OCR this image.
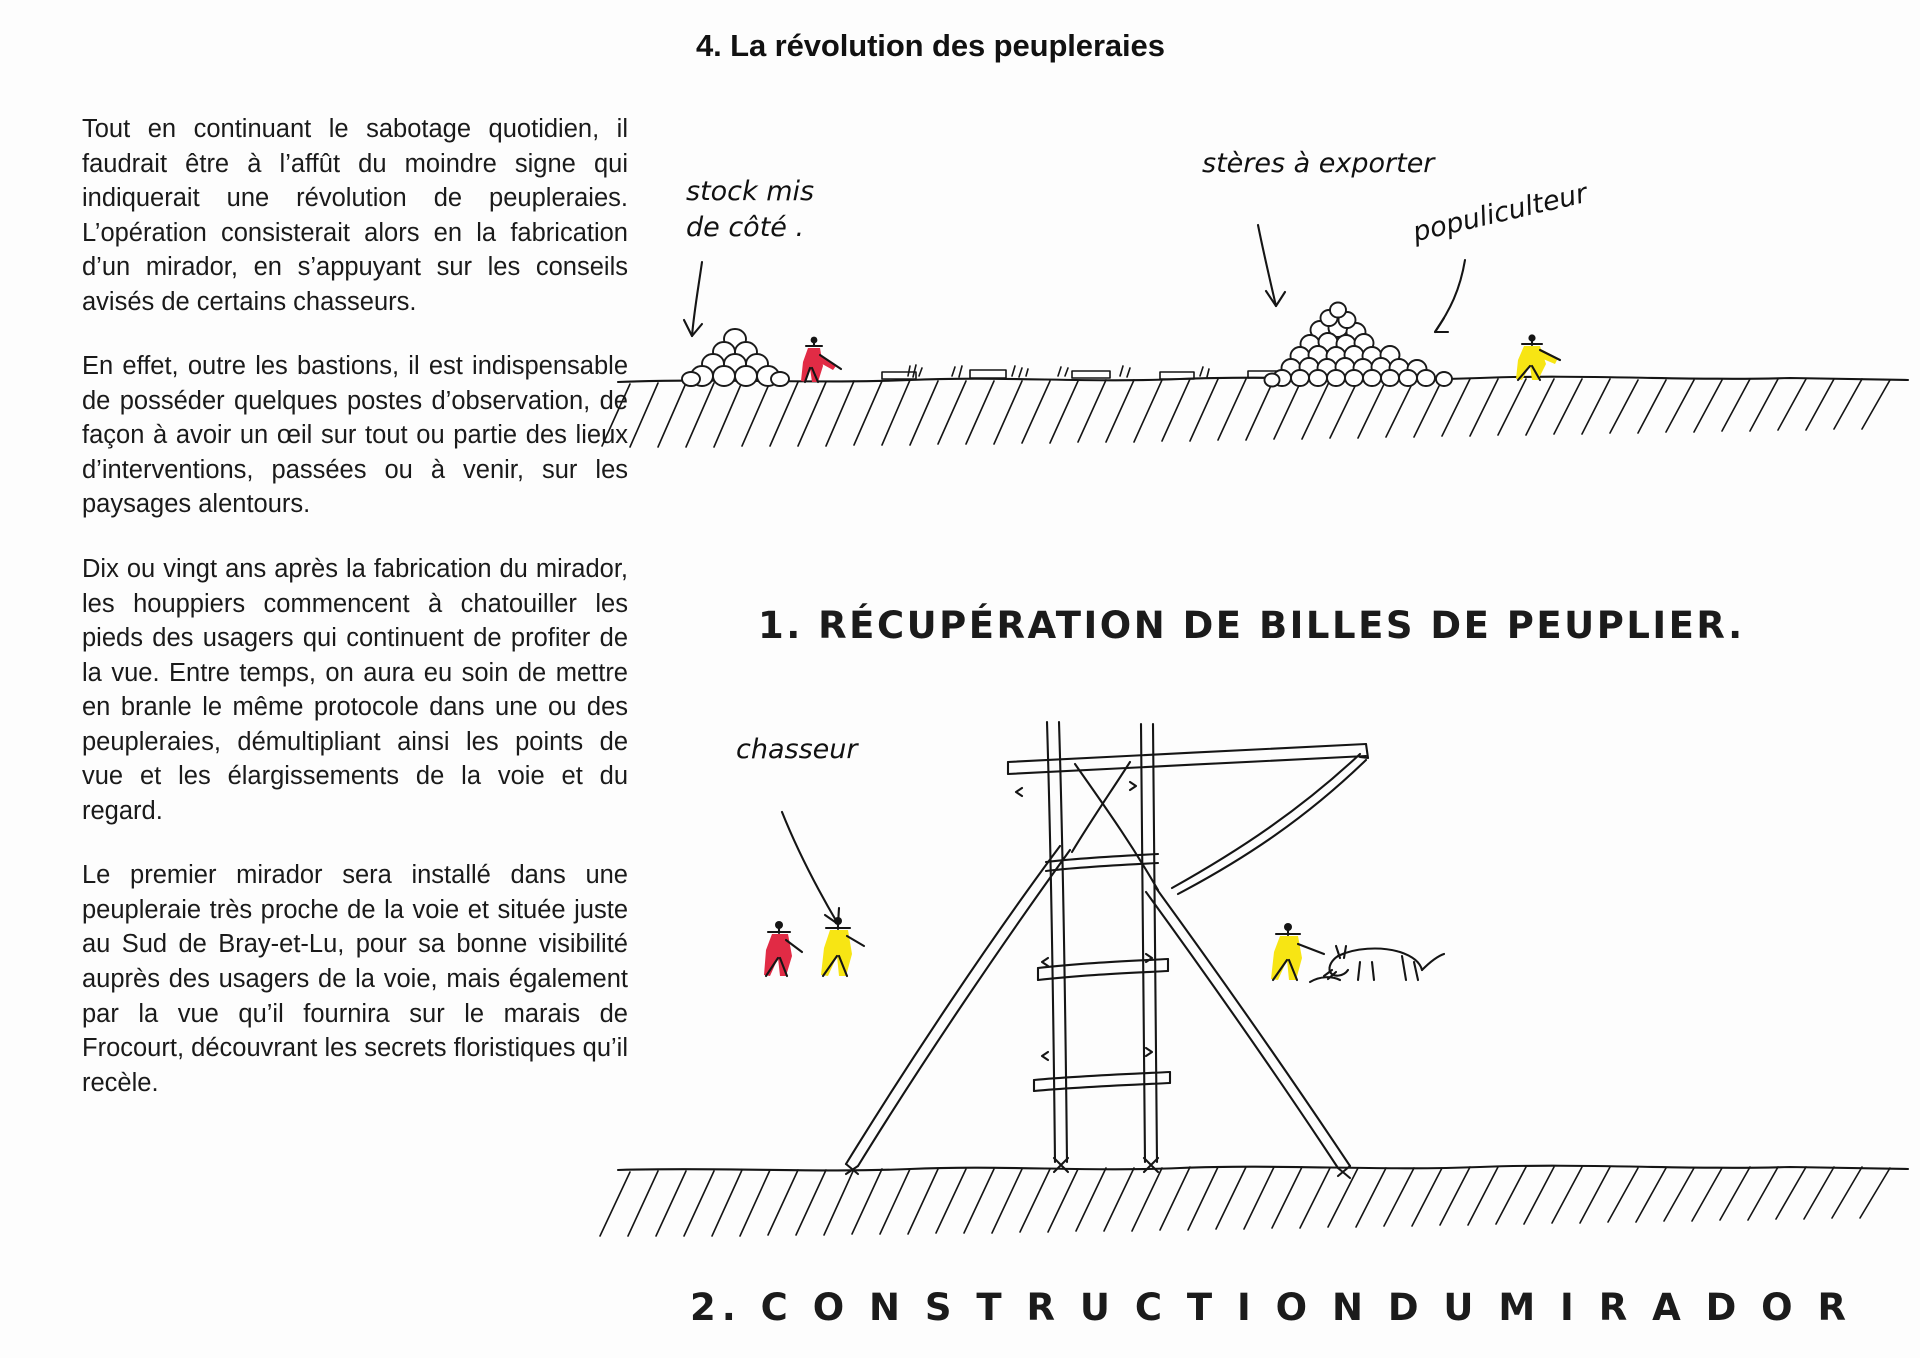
4. La révolution des peupleraies

Tout en continuant le sabotage quotidien, il faudrait être à l’affût du moindre signe qui indiquerait une révolution de peupleraies. L’opération consisterait alors en la fabrication d’un mirador, en s’appuyant sur les conseils avisés de certains chasseurs.

En effet, outre les bastions, il est indispensable de posséder quelques postes d’observation, de façon à avoir un œil sur tout ou partie des lieux d’interventions, passées ou à venir, sur les paysages alentours.

Dix ou vingt ans après la fabrication du mirador, les houppiers commencent à chatouiller les pieds des usagers qui continuent de profiter de la vue. Entre temps, on aura eu soin de mettre en branle le même protocole dans une ou des peupleraies, démultipliant ainsi les points de vue et les élargissements de la voie et du regard.

Le premier mirador sera installé dans une peupleraie très proche de la voie et située juste au Sud de Bray-et-Lu, pour sa bonne visibilité auprès des usagers de la voie, mais également par la vue qu’il fournira sur le marais de Frocourt, découvrant les secrets floristiques qu’il recèle.

stock mis
de côté .
stères à exporter
populiculteur
1. RÉCUPÉRATION DE BILLES DE PEUPLIER.
chasseur
2. C O N S T R U C T I O N D U M I R A D O R
